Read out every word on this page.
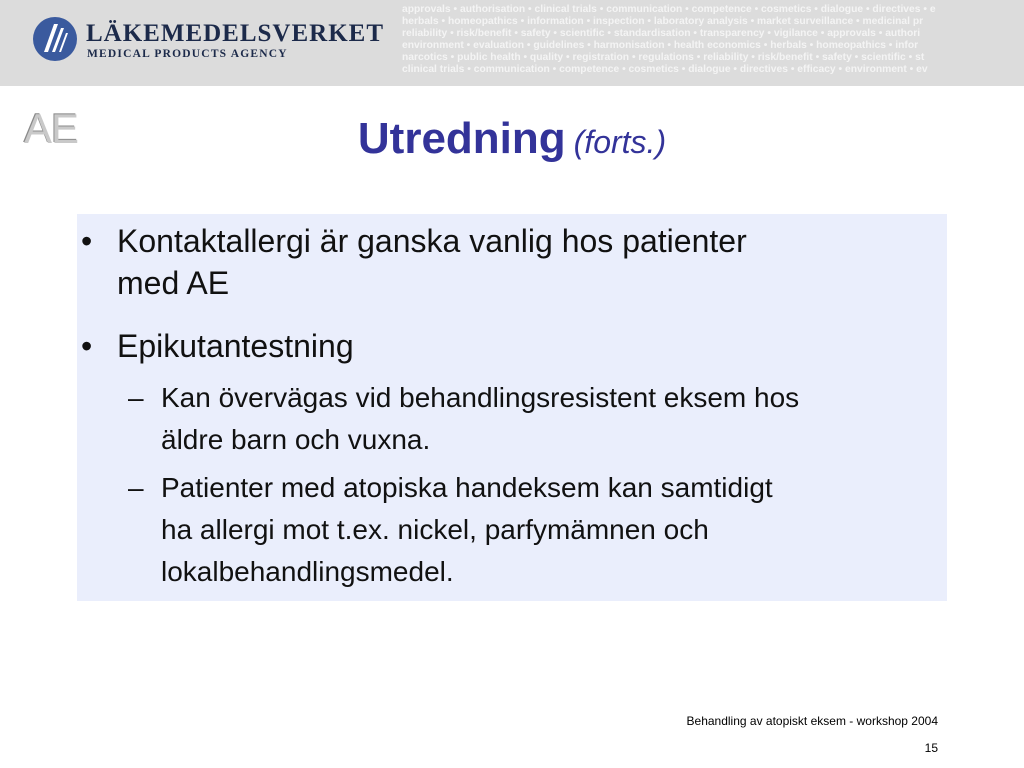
LÄKEMEDELSVERKET
MEDICAL PRODUCTS AGENCY
approvals • authorisation • clinical trials • communication • competence • cosmetics • dialogue • directives • e
herbals • homeopathics • information • inspection • laboratory analysis • market surveillance • medicinal pr
reliability • risk/benefit • safety • scientific • standardisation • transparency • vigilance • approvals • authori
environment • evaluation • guidelines • harmonisation • health economics • herbals • homeopathics • infor
narcotics • public health • quality • registration • regulations • reliability • risk/benefit • safety • scientific • st
clinical trials • communication • competence • cosmetics • dialogue • directives • efficacy • environment • ev
AE	Utredning (forts.)
• Kontaktallergi är ganska vanlig hos patienter
med AE
• Epikutantestning
– Kan övervägas vid behandlingsresistent eksem hos
äldre barn och vuxna.
– Patienter med atopiska handeksem kan samtidigt
ha allergi mot t.ex. nickel, parfymämnen och
lokalbehandlingsmedel.
Behandling av atopiskt eksem - workshop 2004
15
